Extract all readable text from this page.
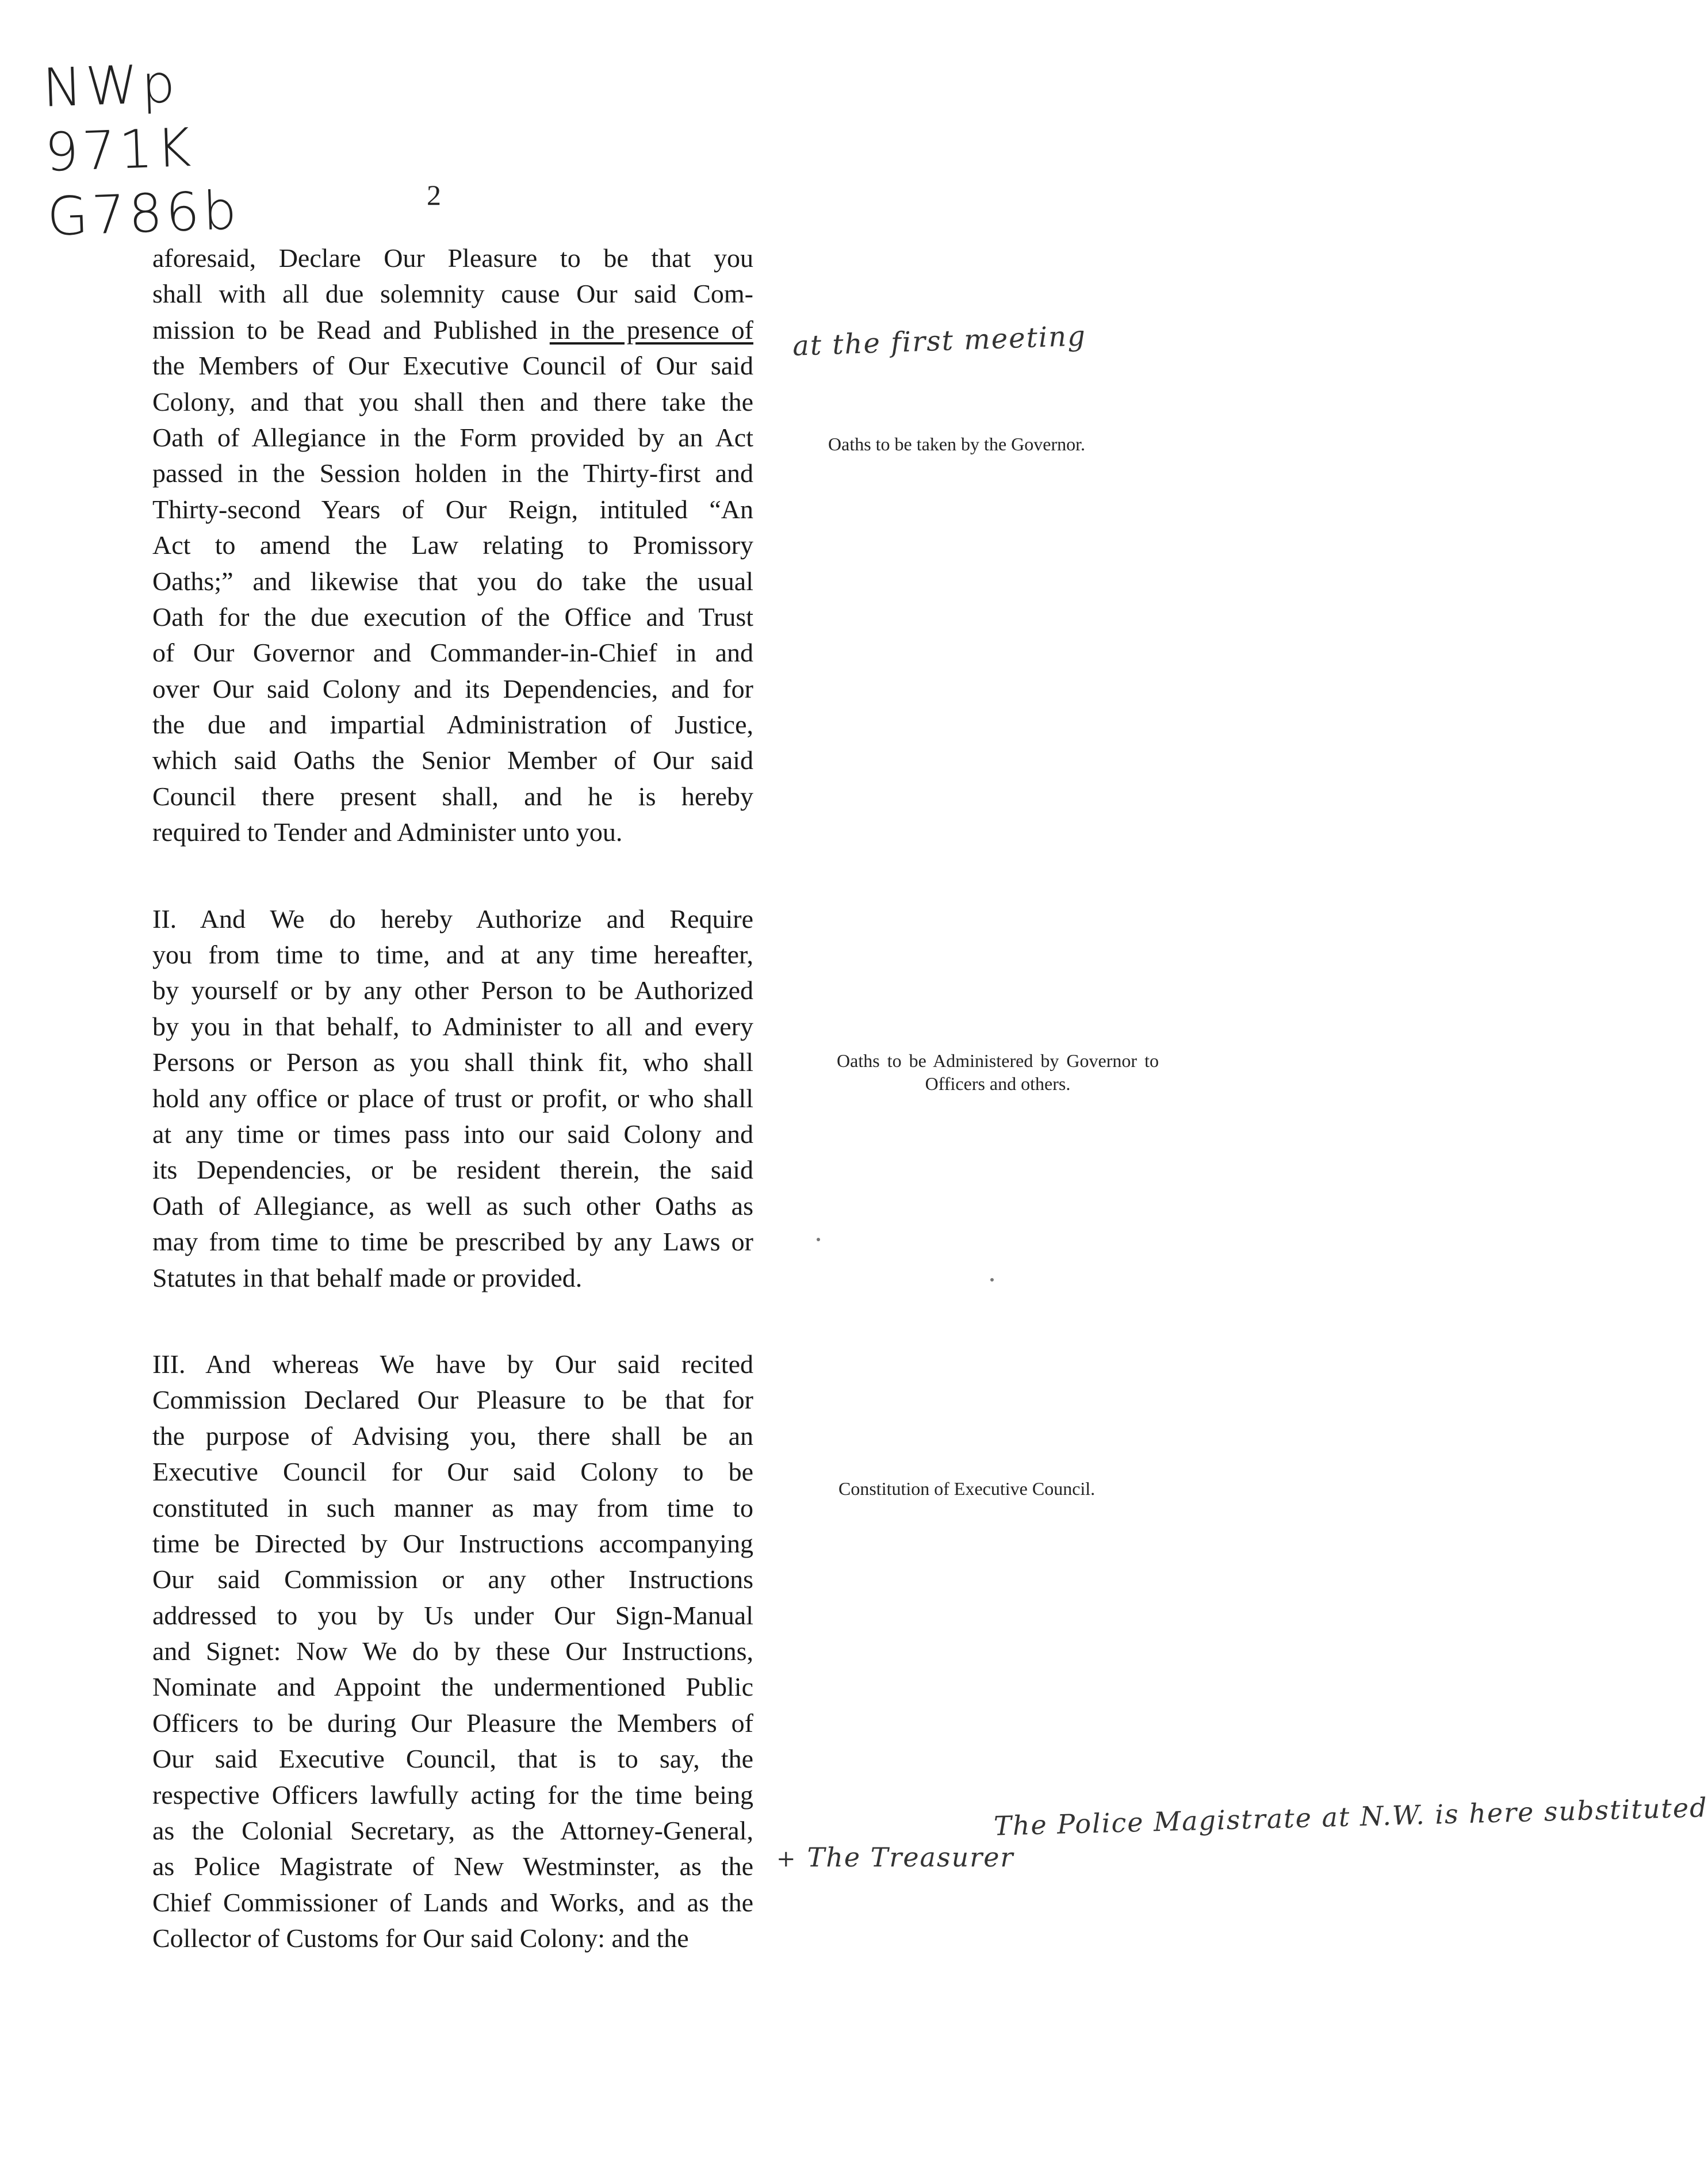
NWp
971K
G786b	2
aforesaid, Declare Our Pleasure to be that you
shall with all due solemnity cause Our said Com-
mission to be Read and Published in the presence of
the Members of Our Executive Council of Our said
Colony, and that you shall then and there take the
Oath of Allegiance in the Form provided by an Act
passed in the Session holden in the Thirty-first and
Thirty-second Years of Our Reign, intituled “An
Act to amend the Law relating to Promissory
Oaths;” and likewise that you do take the usual
Oath for the due execution of the Office and Trust
of Our Governor and Commander-in-Chief in and
over Our said Colony and its Dependencies, and for
the due and impartial Administration of Justice,
which said Oaths the Senior Member of Our said
Council there present shall, and he is hereby
required to Tender and Administer unto you.
II. And We do hereby Authorize and Require
you from time to time, and at any time hereafter,
by yourself or by any other Person to be Authorized
by you in that behalf, to Administer to all and every
Persons or Person as you shall think fit, who shall
hold any office or place of trust or profit, or who shall
at any time or times pass into our said Colony and
its Dependencies, or be resident therein, the said
Oath of Allegiance, as well as such other Oaths as
may from time to time be prescribed by any Laws or
Statutes in that behalf made or provided.
III. And whereas We have by Our said recited
Commission Declared Our Pleasure to be that for
the purpose of Advising you, there shall be an
Executive Council for Our said Colony to be
constituted in such manner as may from time to
time be Directed by Our Instructions accompanying
Our said Commission or any other Instructions
addressed to you by Us under Our Sign-Manual
and Signet: Now We do by these Our Instructions,
Nominate and Appoint the undermentioned Public
Officers to be during Our Pleasure the Members of
Our said Executive Council, that is to say, the
respective Officers lawfully acting for the time being
as the Colonial Secretary, as the Attorney-General,
as Police Magistrate of New Westminster, as the
Chief Commissioner of Lands and Works, and as the
Collector of Customs for Our said Colony: and the
Oaths to be taken by the Governor.
Oaths to be Administered by Governor to Officers and others.
Constitution of Executive Council.
at the first meeting
The Police Magistrate at N.W. is here substituted
+ The Treasurer
